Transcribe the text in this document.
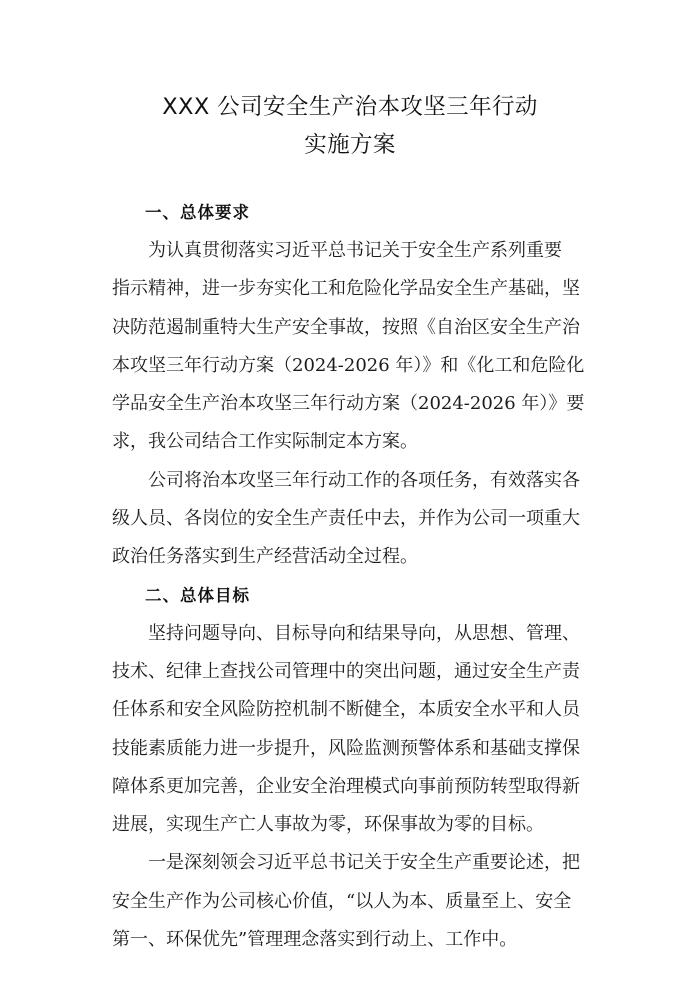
XXX 公司安全生产治本攻坚三年行动
实施方案
一、总体要求
为认真贯彻落实习近平总书记关于安全生产系列重要
指示精神，进一步夯实化工和危险化学品安全生产基础，坚
决防范遏制重特大生产安全事故，按照《自治区安全生产治
本攻坚三年行动方案（2024-2026 年）》和《化工和危险化
学品安全生产治本攻坚三年行动方案（2024-2026 年）》要
求，我公司结合工作实际制定本方案。
公司将治本攻坚三年行动工作的各项任务，有效落实各
级人员、各岗位的安全生产责任中去，并作为公司一项重大
政治任务落实到生产经营活动全过程。
二、总体目标
坚持问题导向、目标导向和结果导向，从思想、管理、
技术、纪律上查找公司管理中的突出问题，通过安全生产责
任体系和安全风险防控机制不断健全，本质安全水平和人员
技能素质能力进一步提升，风险监测预警体系和基础支撑保
障体系更加完善，企业安全治理模式向事前预防转型取得新
进展，实现生产亡人事故为零，环保事故为零的目标。
一是深刻领会习近平总书记关于安全生产重要论述，把
安全生产作为公司核心价值，“以人为本、质量至上、安全
第一、环保优先”管理理念落实到行动上、工作中。
